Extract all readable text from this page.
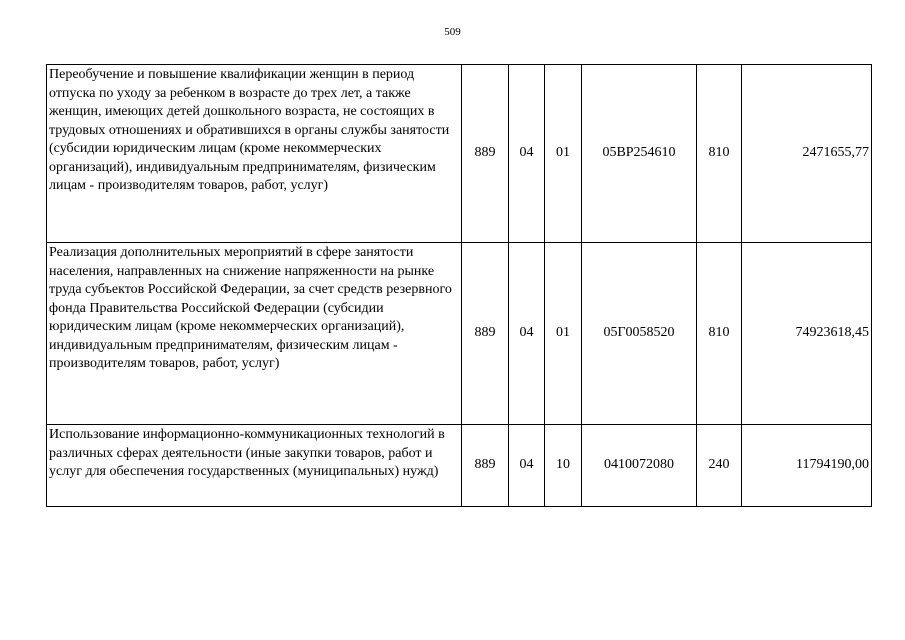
509
Переобучение и повышение квалификации женщин в период отпуска по уходу за ребенком в возрасте до трех лет, а также женщин, имеющих детей дошкольного возраста, не состоящих в трудовых отношениях и обратившихся в органы службы занятости (субсидии юридическим лицам (кроме некоммерческих организаций), индивидуальным предпринимателям, физическим лицам - производителям товаров, работ, услуг)	889	04	01	05ВР254610	810	2471655,77
Реализация дополнительных мероприятий в сфере занятости населения, направленных на снижение напряженности на рынке труда субъектов Российской Федерации, за счет средств резервного фонда Правительства Российской Федерации (субсидии юридическим лицам (кроме некоммерческих организаций), индивидуальным предпринимателям, физическим лицам - производителям товаров, работ, услуг)	889	04	01	05Г0058520	810	74923618,45
Использование информационно-коммуникационных технологий в различных сферах деятельности (иные закупки товаров, работ и услуг для обеспечения государственных (муниципальных) нужд)	889	04	10	0410072080	240	11794190,00
